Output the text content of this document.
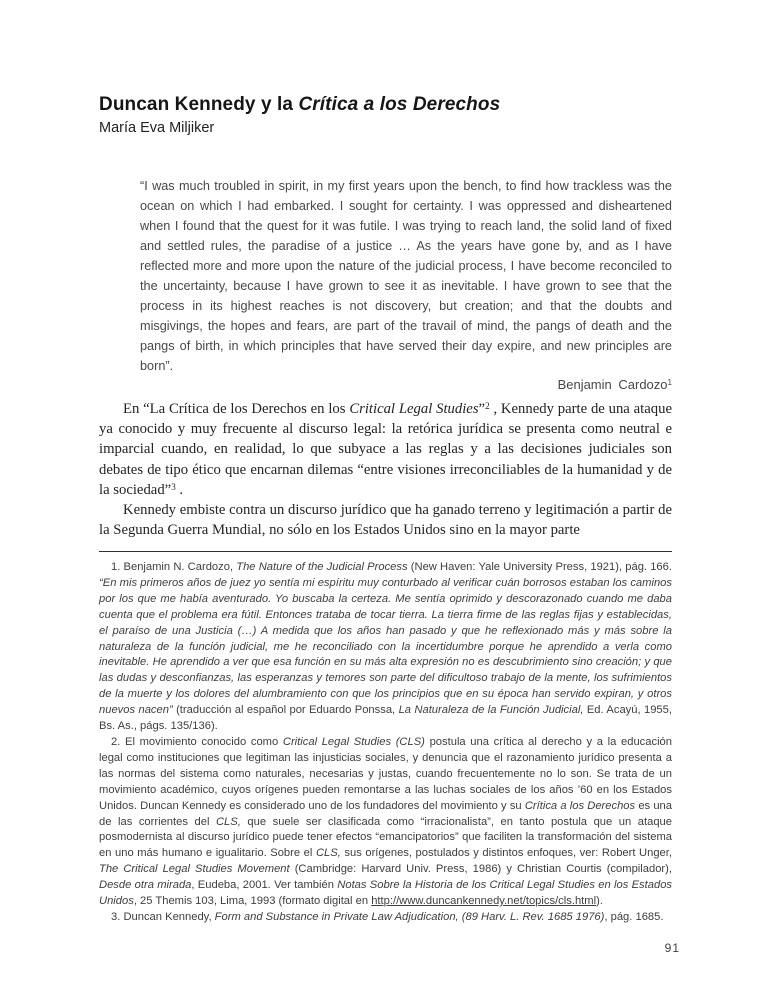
Duncan Kennedy y la Crítica a los Derechos
María Eva Miljiker
“I was much troubled in spirit, in my first years upon the bench, to find how trackless was the ocean on which I had embarked. I sought for certainty. I was oppressed and disheartened when I found that the quest for it was futile. I was trying to reach land, the solid land of fixed and settled rules, the paradise of a justice … As the years have gone by, and as I have reflected more and more upon the nature of the judicial process, I have become reconciled to the uncertainty, because I have grown to see it as inevitable. I have grown to see that the process in its highest reaches is not discovery, but creation; and that the doubts and misgivings, the hopes and fears, are part of the travail of mind, the pangs of death and the pangs of birth, in which principles that have served their day expire, and new principles are born”.
Benjamin Cardozo$^1$

En “La Crítica de los Derechos en los Critical Legal Studies”$^2$ , Kennedy parte de una ataque ya conocido y muy frecuente al discurso legal: la retórica jurídica se presenta como neutral e imparcial cuando, en realidad, lo que subyace a las reglas y a las decisiones judiciales son debates de tipo ético que encarnan dilemas “entre visiones irreconciliables de la humanidad y de la sociedad”$^3$ .

Kennedy embiste contra un discurso jurídico que ha ganado terreno y legitimación a partir de la Segunda Guerra Mundial, no sólo en los Estados Unidos sino en la mayor parte

1. Benjamin N. Cardozo, The Nature of the Judicial Process (New Haven: Yale University Press, 1921), pág. 166. “En mis primeros años de juez yo sentía mi espíritu muy conturbado al verificar cuán borrosos estaban los caminos por los que me había aventurado. Yo buscaba la certeza. Me sentía oprimido y descorazonado cuando me daba cuenta que el problema era fútil. Entonces trataba de tocar tierra. La tierra firme de las reglas fijas y establecidas, el paraíso de una Justicia (…) A medida que los años han pasado y que he reflexionado más y más sobre la naturaleza de la función judicial, me he reconciliado con la incertidumbre porque he aprendido a verla como inevitable. He aprendido a ver que esa función en su más alta expresión no es descubrimiento sino creación; y que las dudas y desconfianzas, las esperanzas y temores son parte del dificultoso trabajo de la mente, los sufrimientos de la muerte y los dolores del alumbramiento con que los principios que en su época han servido expiran, y otros nuevos nacen” (traducción al español por Eduardo Ponssa, La Naturaleza de la Función Judicial, Ed. Acayú, 1955, Bs. As., págs. 135/136).

2. El movimiento conocido como Critical Legal Studies (CLS) postula una crítica al derecho y a la educación legal como instituciones que legitiman las injusticias sociales, y denuncia que el razonamiento jurídico presenta a las normas del sistema como naturales, necesarias y justas, cuando frecuentemente no lo son. Se trata de un movimiento académico, cuyos orígenes pueden remontarse a las luchas sociales de los años ’60 en los Estados Unidos. Duncan Kennedy es considerado uno de los fundadores del movimiento y su Crítica a los Derechos es una de las corrientes del CLS, que suele ser clasificada como “irracionalista”, en tanto postula que un ataque posmodernista al discurso jurídico puede tener efectos “emancipatorios” que faciliten la transformación del sistema en uno más humano e igualitario. Sobre el CLS, sus orígenes, postulados y distintos enfoques, ver: Robert Unger, The Critical Legal Studies Movement (Cambridge: Harvard Univ. Press, 1986) y Christian Courtis (compilador), Desde otra mirada, Eudeba, 2001. Ver también Notas Sobre la Historia de los Critical Legal Studies en los Estados Unidos, 25 Themis 103, Lima, 1993 (formato digital en http://www.duncankennedy.net/topics/cls.html).

3. Duncan Kennedy, Form and Substance in Private Law Adjudication, (89 Harv. L. Rev. 1685 1976), pág. 1685.

91
